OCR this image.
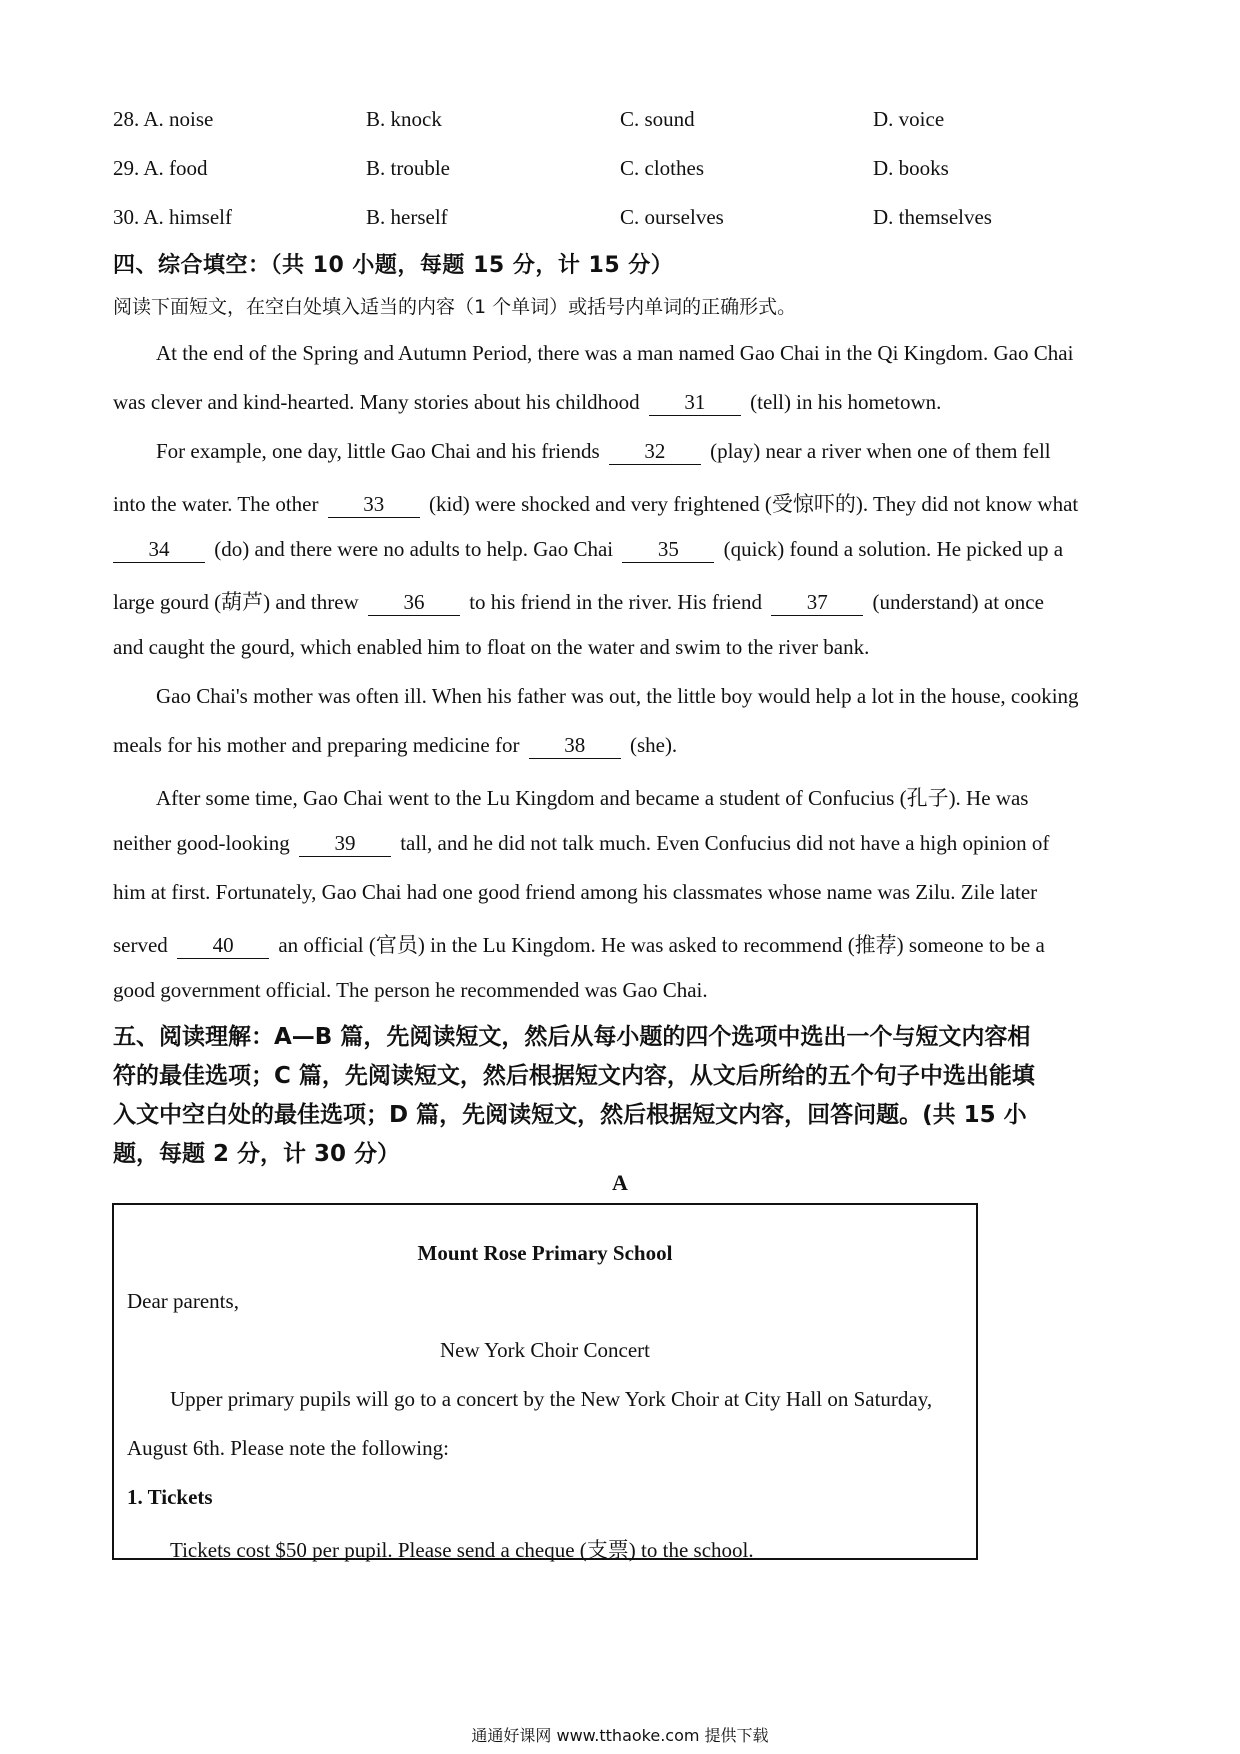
28. A. noise	B. knock	C. sound	D. voice
29. A. food	B. trouble	C. clothes	D. books
30. A. himself	B. herself	C. ourselves	D. themselves
四、综合填空：（共 10 小题，每题 15 分，计 15 分）
阅读下面短文，在空白处填入适当的内容（1 个单词）或括号内单词的正确形式。
At the end of the Spring and Autumn Period, there was a man named Gao Chai in the Qi Kingdom. Gao Chai
was clever and kind-hearted. Many stories about his childhood 31 (tell) in his hometown.
For example, one day, little Gao Chai and his friends 32 (play) near a river when one of them fell
into the water. The other 33 (kid) were shocked and very frightened (受惊吓的). They did not know what
34 (do) and there were no adults to help. Gao Chai 35 (quick) found a solution. He picked up a
large gourd (葫芦) and threw 36 to his friend in the river. His friend 37 (understand) at once
and caught the gourd, which enabled him to float on the water and swim to the river bank.
Gao Chai's mother was often ill. When his father was out, the little boy would help a lot in the house, cooking
meals for his mother and preparing medicine for 38 (she).
After some time, Gao Chai went to the Lu Kingdom and became a student of Confucius (孔子). He was
neither good-looking 39 tall, and he did not talk much. Even Confucius did not have a high opinion of
him at first. Fortunately, Gao Chai had one good friend among his classmates whose name was Zilu. Zile later
served 40 an official (官员) in the Lu Kingdom. He was asked to recommend (推荐) someone to be a
good government official. The person he recommended was Gao Chai.
五、阅读理解：A—B 篇，先阅读短文，然后从每小题的四个选项中选出一个与短文内容相
符的最佳选项；C 篇，先阅读短文，然后根据短文内容，从文后所给的五个句子中选出能填
入文中空白处的最佳选项；D 篇，先阅读短文，然后根据短文内容，回答问题。(共 15 小
题，每题 2 分，计 30 分）
A
Mount Rose Primary School
Dear parents,
New York Choir Concert
Upper primary pupils will go to a concert by the New York Choir at City Hall on Saturday,
August 6th. Please note the following:
1. Tickets
Tickets cost $50 per pupil. Please send a cheque (支票) to the school.
通通好课网 www.tthaoke.com 提供下载
